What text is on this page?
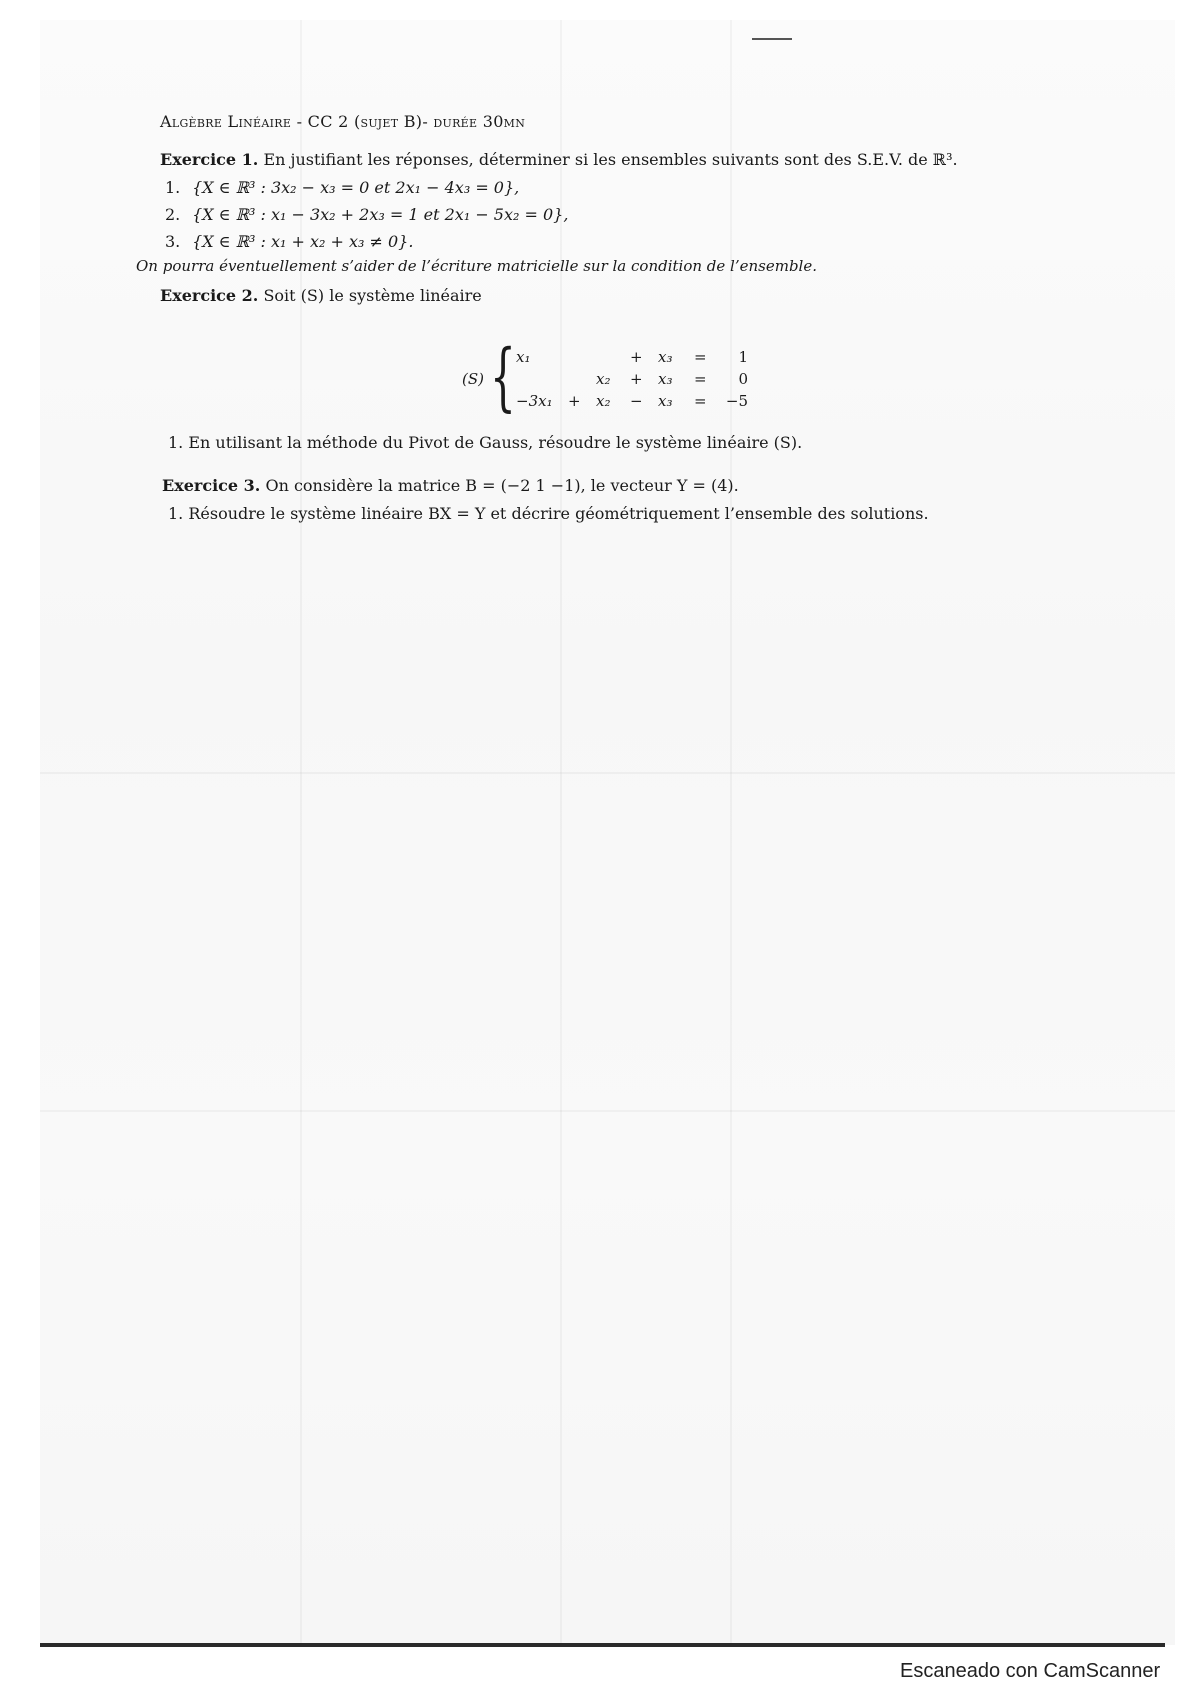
Algèbre Linéaire - CC 2 (sujet B)- durée 30mn
Exercice 1. En justifiant les réponses, déterminer si les ensembles suivants sont des S.E.V. de ℝ³.
1. {X ∈ ℝ³ : 3x₂ − x₃ = 0 et 2x₁ − 4x₃ = 0},
2. {X ∈ ℝ³ : x₁ − 3x₂ + 2x₃ = 1 et 2x₁ − 5x₂ = 0},
3. {X ∈ ℝ³ : x₁ + x₂ + x₃ ≠ 0}.
On pourra éventuellement s’aider de l’écriture matricielle sur la condition de l’ensemble.
Exercice 2. Soit (S) le système linéaire
(S) { x₁	+ x₃ =	1
x₂ + x₃ =	0
−3x₁ + x₂ − x₃ = −5
1. En utilisant la méthode du Pivot de Gauss, résoudre le système linéaire (S).
Exercice 3. On considère la matrice B = (−2 1 −1), le vecteur Y = (4).
1. Résoudre le système linéaire BX = Y et décrire géométriquement l’ensemble des solutions.
Escaneado con CamScanner
